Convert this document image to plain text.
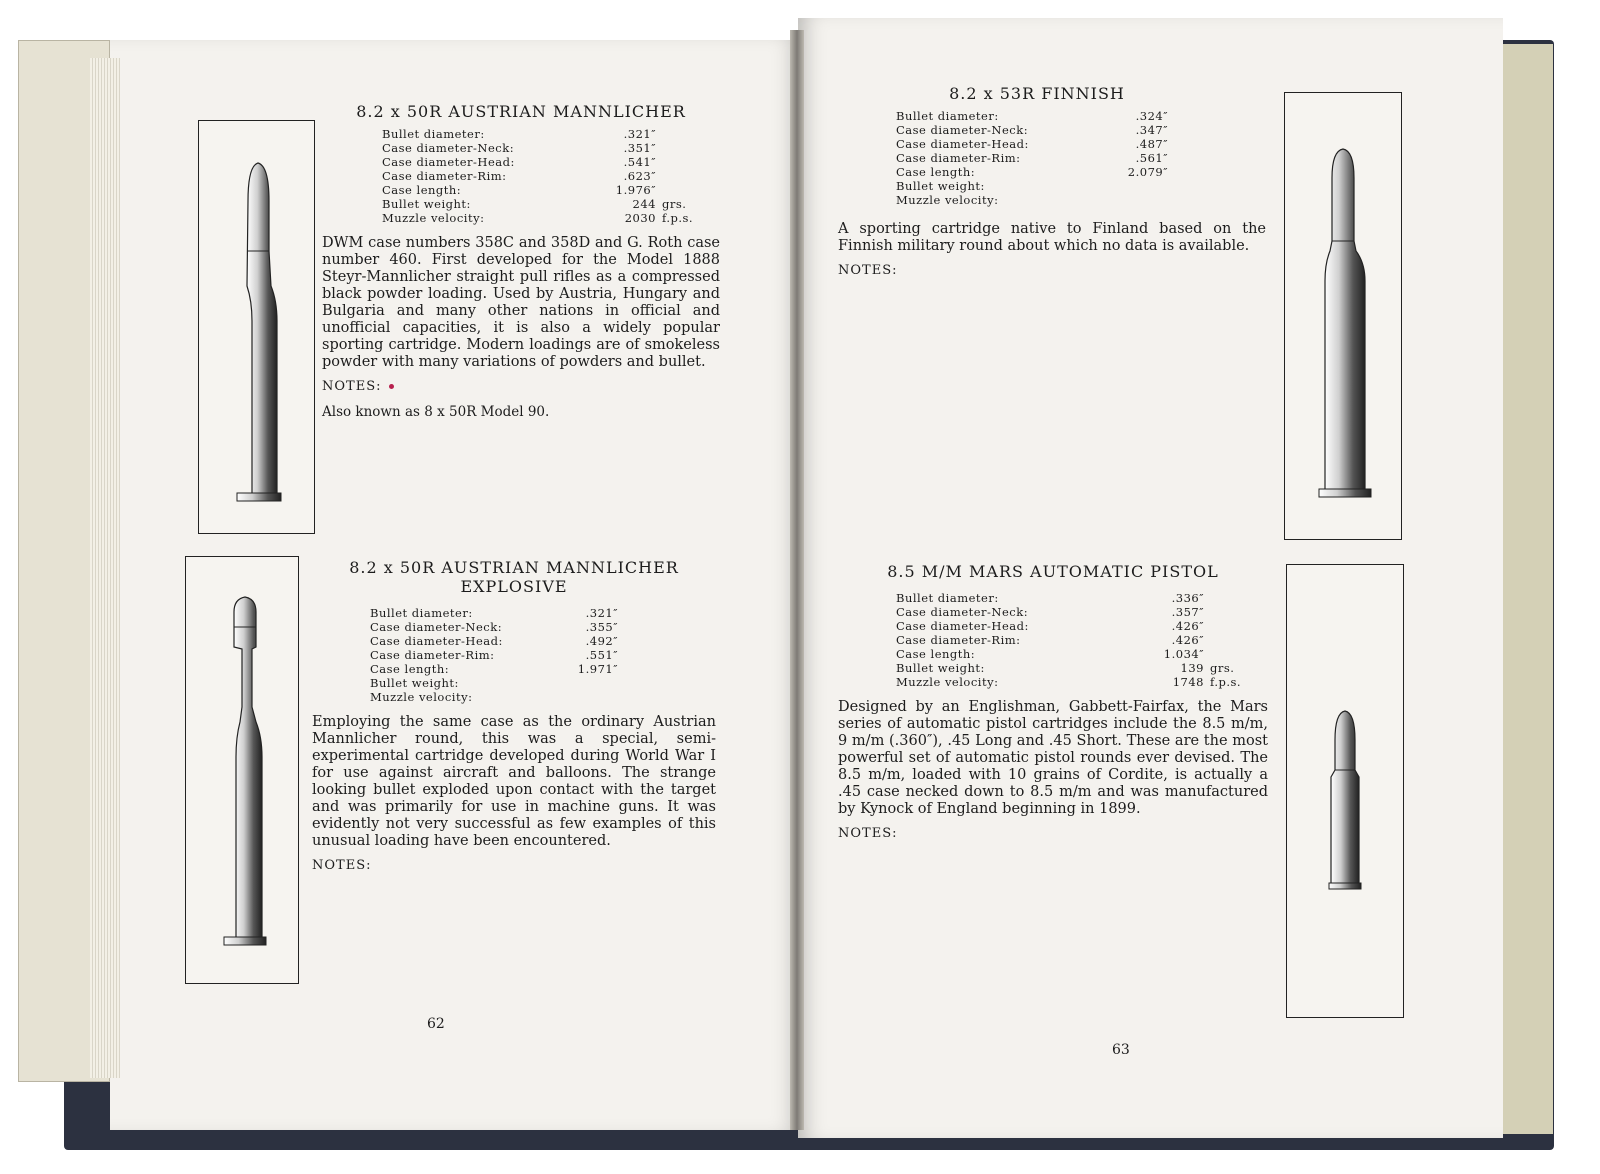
8.2 x 50R AUSTRIAN MANNLICHER
Bullet diameter:	.321″	
Case diameter-Neck:	.351″	
Case diameter-Head:	.541″	
Case diameter-Rim:	.623″	
Case length:	1.976″	
Bullet weight:	244	grs.
Muzzle velocity:	2030	f.p.s.

DWM case numbers 358C and 358D and G. Roth case number 460. First developed for the Model 1888 Steyr-Mannlicher straight pull rifles as a compressed black powder loading. Used by Austria, Hungary and Bulgaria and many other nations in official and unofficial capacities, it is also a widely popular sporting cartridge. Modern loadings are of smokeless powder with many variations of powders and bullet.

NOTES:
Also known as 8 x 50R Model 90.
8.2 x 50R AUSTRIAN MANNLICHER
EXPLOSIVE
Bullet diameter:	.321″	
Case diameter-Neck:	.355″	
Case diameter-Head:	.492″	
Case diameter-Rim:	.551″	
Case length:	1.971″	
Bullet weight:		
Muzzle velocity:		

Employing the same case as the ordinary Austrian Mannlicher round, this was a special, semi-experimental cartridge developed during World War I for use against aircraft and balloons. The strange looking bullet exploded upon contact with the target and was primarily for use in machine guns. It was evidently not very successful as few examples of this unusual loading have been encountered.

NOTES:
62
8.2 x 53R FINNISH
Bullet diameter:	.324″	
Case diameter-Neck:	.347″	
Case diameter-Head:	.487″	
Case diameter-Rim:	.561″	
Case length:	2.079″	
Bullet weight:		
Muzzle velocity:		

A sporting cartridge native to Finland based on the Finnish military round about which no data is available.

NOTES:
8.5 M/M MARS AUTOMATIC PISTOL
Bullet diameter:	.336″	
Case diameter-Neck:	.357″	
Case diameter-Head:	.426″	
Case diameter-Rim:	.426″	
Case length:	1.034″	
Bullet weight:	139	grs.
Muzzle velocity:	1748	f.p.s.

Designed by an Englishman, Gabbett-Fairfax, the Mars series of automatic pistol cartridges include the 8.5 m/m, 9 m/m (.360″), .45 Long and .45 Short. These are the most powerful set of automatic pistol rounds ever devised. The 8.5 m/m, loaded with 10 grains of Cordite, is actually a .45 case necked down to 8.5 m/m and was manufactured by Kynock of England beginning in 1899.

NOTES:
63
